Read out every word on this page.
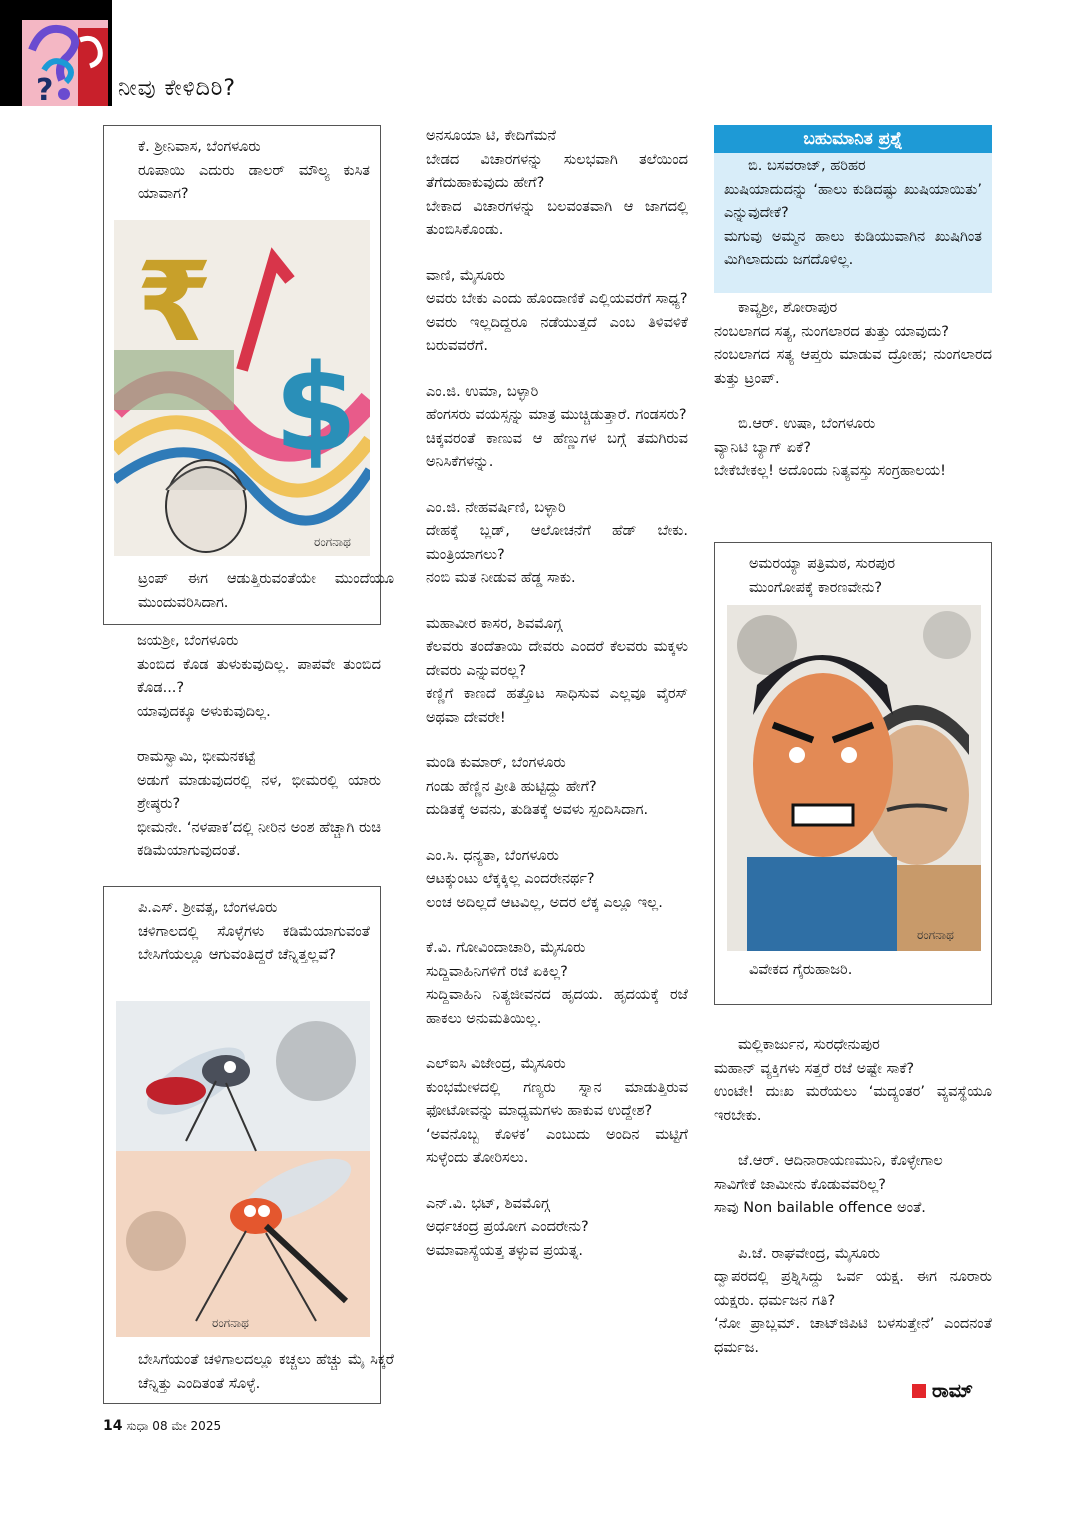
?	ನೀವು ಕೇಳಿದಿರಿ?

ಕೆ. ಶ್ರೀನಿವಾಸ, ಬೆಂಗಳೂರು

ರೂಪಾಯಿ ಎದುರು ಡಾಲರ್ ಮೌಲ್ಯ ಕುಸಿತ ಯಾವಾಗ?

₹
$
ರಂಗನಾಥ
ಟ್ರಂಪ್ ಈಗ ಆಡುತ್ತಿರುವಂತೆಯೇ ಮುಂದೆಯೂ ಮುಂದುವರಿಸಿದಾಗ.

ಜಯಶ್ರೀ, ಬೆಂಗಳೂರು

ತುಂಬಿದ ಕೊಡ ತುಳುಕುವುದಿಲ್ಲ. ಪಾಪವೇ ತುಂಬಿದ ಕೊಡ...?

ಯಾವುದಕ್ಕೂ ಅಳುಕುವುದಿಲ್ಲ.

ರಾಮಸ್ವಾಮಿ, ಭೀಮನಕಟ್ಟೆ

ಅಡುಗೆ ಮಾಡುವುದರಲ್ಲಿ ನಳ, ಭೀಮರಲ್ಲಿ ಯಾರು ಶ್ರೇಷ್ಠರು?

ಭೀಮನೇ. ‘ನಳಪಾಕ’ದಲ್ಲಿ ನೀರಿನ ಅಂಶ ಹೆಚ್ಚಾಗಿ ರುಚಿ ಕಡಿಮೆಯಾಗುವುದಂತೆ.

ಪಿ.ಎಸ್. ಶ್ರೀವತ್ಸ, ಬೆಂಗಳೂರು

ಚಳಿಗಾಲದಲ್ಲಿ ಸೊಳ್ಳೆಗಳು ಕಡಿಮೆಯಾಗುವಂತೆ ಬೇಸಿಗೆಯಲ್ಲೂ ಆಗುವಂತಿದ್ದರೆ ಚೆನ್ನಿತ್ತಲ್ಲವೆ?

ರಂಗನಾಥ
ಬೇಸಿಗೆಯಂತೆ ಚಳಿಗಾಲದಲ್ಲೂ ಕಚ್ಚಲು ಹೆಚ್ಚು ಮೈ ಸಿಕ್ಕರೆ ಚೆನ್ನಿತ್ತು ಎಂದಿತಂತೆ ಸೊಳ್ಳೆ.

ಅನಸೂಯಾ ಟಿ, ಕೇದಿಗೆಮನೆ

ಬೇಡದ ವಿಚಾರಗಳನ್ನು ಸುಲಭವಾಗಿ ತಲೆಯಿಂದ ತೆಗೆದುಹಾಕುವುದು ಹೇಗೆ?

ಬೇಕಾದ ವಿಚಾರಗಳನ್ನು ಬಲವಂತವಾಗಿ ಆ ಜಾಗದಲ್ಲಿ ತುಂಬಿಸಿಕೊಂಡು.

ವಾಣಿ, ಮೈಸೂರು

ಅವರು ಬೇಕು ಎಂದು ಹೊಂದಾಣಿಕೆ ಎಲ್ಲಿಯವರೆಗೆ ಸಾಧ್ಯ?

ಅವರು ಇಲ್ಲದಿದ್ದರೂ ನಡೆಯುತ್ತದೆ ಎಂಬ ತಿಳಿವಳಿಕೆ ಬರುವವರೆಗೆ.

ಎಂ.ಜಿ. ಉಮಾ, ಬಳ್ಳಾರಿ

ಹೆಂಗಸರು ವಯಸ್ಸನ್ನು ಮಾತ್ರ ಮುಚ್ಚಿಡುತ್ತಾರೆ. ಗಂಡಸರು?

ಚಿಕ್ಕವರಂತೆ ಕಾಣುವ ಆ ಹೆಣ್ಣುಗಳ ಬಗ್ಗೆ ತಮಗಿರುವ ಅನಿಸಿಕೆಗಳನ್ನು.

ಎಂ.ಜಿ. ನೇಹವರ್ಷಿಣಿ, ಬಳ್ಳಾರಿ

ದೇಹಕ್ಕೆ ಬ್ಲಡ್, ಆಲೋಚನೆಗೆ ಹೆಡ್ ಬೇಕು. ಮಂತ್ರಿಯಾಗಲು?

ನಂಬಿ ಮತ ನೀಡುವ ಹೆಡ್ಡ ಸಾಕು.

ಮಹಾವೀರ ಕಾಸರ, ಶಿವಮೊಗ್ಗ

ಕೆಲವರು ತಂದೆತಾಯಿ ದೇವರು ಎಂದರೆ ಕೆಲವರು ಮಕ್ಕಳು ದೇವರು ಎನ್ನುವರಲ್ಲ?

ಕಣ್ಣಿಗೆ ಕಾಣದೆ ಹತ್ತೊಟ ಸಾಧಿಸುವ ಎಲ್ಲವೂ ವೈರಸ್ ಅಥವಾ ದೇವರೇ!

ಮಂಡಿ ಕುಮಾರ್, ಬೆಂಗಳೂರು

ಗಂಡು ಹೆಣ್ಣಿನ ಪ್ರೀತಿ ಹುಟ್ಟಿದ್ದು ಹೇಗೆ?

ದುಡಿತಕ್ಕೆ ಅವನು, ತುಡಿತಕ್ಕೆ ಅವಳು ಸ್ಪಂದಿಸಿದಾಗ.

ಎಂ.ಸಿ. ಧನ್ಯತಾ, ಬೆಂಗಳೂರು

ಆಟಕ್ಕುಂಟು ಲೆಕ್ಕಕ್ಕಿಲ್ಲ ಎಂದರೇನರ್ಥ?

ಲಂಚ ಅದಿಲ್ಲದೆ ಆಟವಿಲ್ಲ, ಅದರ ಲೆಕ್ಕ ಎಲ್ಲೂ ಇಲ್ಲ.

ಕೆ.ವಿ. ಗೋವಿಂದಾಚಾರಿ, ಮೈಸೂರು

ಸುದ್ದಿವಾಹಿನಿಗಳಿಗೆ ರಜೆ ಏಕಿಲ್ಲ?

ಸುದ್ದಿವಾಹಿನಿ ನಿತ್ಯಜೀವನದ ಹೃದಯ. ಹೃದಯಕ್ಕೆ ರಜೆ ಹಾಕಲು ಅನುಮತಿಯಿಲ್ಲ.

ಎಲ್ಐಸಿ ವಿಜೇಂದ್ರ, ಮೈಸೂರು

ಕುಂಭಮೇಳದಲ್ಲಿ ಗಣ್ಯರು ಸ್ನಾನ ಮಾಡುತ್ತಿರುವ ಫೋಟೋವನ್ನು ಮಾಧ್ಯಮಗಳು ಹಾಕುವ ಉದ್ದೇಶ?

‘ಅವನೊಬ್ಬ ಕೊಳಕ’ ಎಂಬುದು ಅಂದಿನ ಮಟ್ಟಿಗೆ ಸುಳ್ಳೆಂದು ತೋರಿಸಲು.

ಎನ್.ವಿ. ಭಟ್, ಶಿವಮೊಗ್ಗ

ಅರ್ಧಚಂದ್ರ ಪ್ರಯೋಗ ಎಂದರೇನು?

ಅಮಾವಾಸ್ಯೆಯತ್ತ ತಳ್ಳುವ ಪ್ರಯತ್ನ.

ಬಹುಮಾನಿತ ಪ್ರಶ್ನೆ

ಬಿ. ಬಸವರಾಜ್, ಹರಿಹರ

ಖುಷಿಯಾದುದನ್ನು ‘ಹಾಲು ಕುಡಿದಷ್ಟು ಖುಷಿಯಾಯಿತು’ ಎನ್ನುವುದೇಕೆ?

ಮಗುವು ಅಮ್ಮನ ಹಾಲು ಕುಡಿಯುವಾಗಿನ ಖುಷಿಗಿಂತ ಮಿಗಿಲಾದುದು ಜಗದೊಳಿಲ್ಲ.

ಕಾವ್ಯಶ್ರೀ, ಶೋರಾಪುರ

ನಂಬಲಾಗದ ಸತ್ಯ, ನುಂಗಲಾರದ ತುತ್ತು ಯಾವುದು?

ನಂಬಲಾಗದ ಸತ್ಯ ಆಪ್ತರು ಮಾಡುವ ದ್ರೋಹ; ನುಂಗಲಾರದ ತುತ್ತು ಟ್ರಂಪ್.

ಬಿ.ಆರ್. ಉಷಾ, ಬೆಂಗಳೂರು

ವ್ಯಾನಿಟಿ ಬ್ಯಾಗ್ ಏಕೆ?

ಬೇಕೆಬೇಕಲ್ಲ! ಅದೊಂದು ನಿತ್ಯವಸ್ತು ಸಂಗ್ರಹಾಲಯ!

ಅಮರಯ್ಯಾ ಪತ್ರಿಮಠ, ಸುರಪುರ

ಮುಂಗೋಪಕ್ಕೆ ಕಾರಣವೇನು?

ರಂಗನಾಥ
ವಿವೇಕದ ಗೈರುಹಾಜರಿ.

ಮಲ್ಲಿಕಾರ್ಜುನ, ಸುರಧೇನುಪುರ

ಮಹಾನ್ ವ್ಯಕ್ತಿಗಳು ಸತ್ತರೆ ರಜೆ ಅಷ್ಟೇ ಸಾಕೆ?

ಉಂಟೇ! ದುಃಖ ಮರೆಯಲು ‘ಮದ್ಯಂತರ’ ವ್ಯವಸ್ಥೆಯೂ ಇರಬೇಕು.

ಜೆ.ಆರ್. ಆದಿನಾರಾಯಣಮುನಿ, ಕೊಳ್ಳೇಗಾಲ

ಸಾವಿಗೇಕೆ ಜಾಮೀನು ಕೊಡುವವರಿಲ್ಲ?

ಸಾವು Non bailable offence ಅಂತೆ.

ಪಿ.ಜೆ. ರಾಘವೇಂದ್ರ, ಮೈಸೂರು

ದ್ವಾಪರದಲ್ಲಿ ಪ್ರಶ್ನಿಸಿದ್ದು ಒರ್ವ ಯಕ್ಷ. ಈಗ ನೂರಾರು ಯಕ್ಷರು. ಧರ್ಮಜನ ಗತಿ?

‘ನೋ ಪ್ರಾಬ್ಲಮ್. ಚಾಟ್‌ಜಿಪಿಟಿ ಬಳಸುತ್ತೇನೆ’ ಎಂದನಂತೆ ಧರ್ಮಜ.

ರಾಮ್
14 ಸುಧಾ 08 ಮೇ 2025
